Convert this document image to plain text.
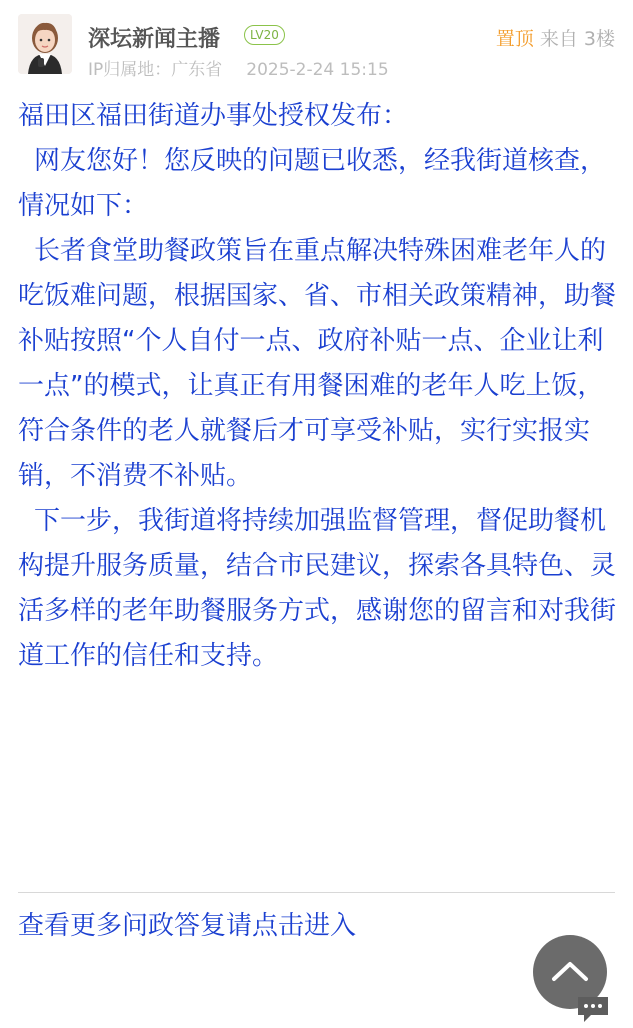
深坛新闻主播	LV20
IP归属地：广东省 2025-2-24 15:15
置顶 来自 3楼

福田区福田街道办事处授权发布：

网友您好！您反映的问题已收悉，经我街道核查，情况如下：

长者食堂助餐政策旨在重点解决特殊困难老年人的吃饭难问题，根据国家、省、市相关政策精神，助餐补贴按照“个人自付一点、政府补贴一点、企业让利一点”的模式，让真正有用餐困难的老年人吃上饭，符合条件的老人就餐后才可享受补贴，实行实报实销，不消费不补贴。

下一步，我街道将持续加强监督管理，督促助餐机构提升服务质量，结合市民建议，探索各具特色、灵活多样的老年助餐服务方式，感谢您的留言和对我街道工作的信任和支持。

查看更多问政答复请点击进入
